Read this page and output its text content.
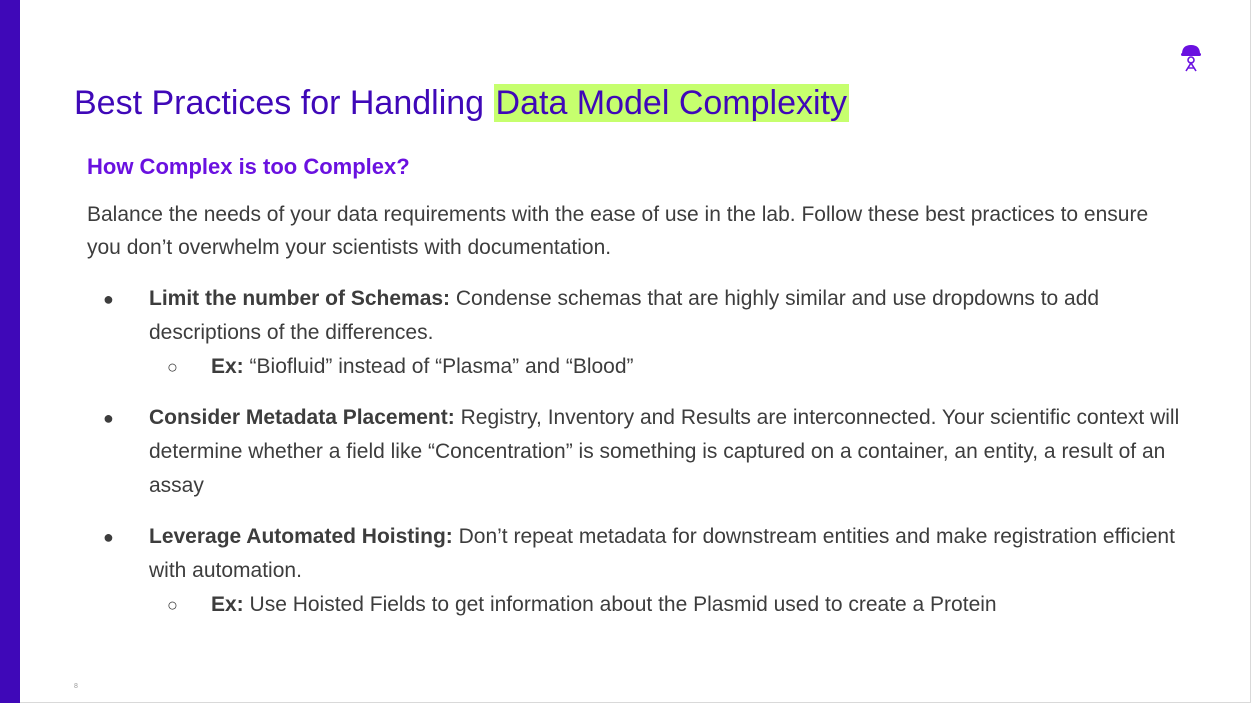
Best Practices for Handling Data Model Complexity
How Complex is too Complex?

Balance the needs of your data requirements with the ease of use in the lab. Follow these best practices to ensure you don’t overwhelm your scientists with documentation.

● Limit the number of Schemas: Condense schemas that are highly similar and use dropdowns to add descriptions of the differences.
○ Ex: “Biofluid” instead of “Plasma” and “Blood”
● Consider Metadata Placement: Registry, Inventory and Results are interconnected. Your scientific context will determine whether a field like “Concentration” is something is captured on a container, an entity, a result of an assay
● Leverage Automated Hoisting: Don’t repeat metadata for downstream entities and make registration efficient with automation.
○ Ex: Use Hoisted Fields to get information about the Plasmid used to create a Protein
8
